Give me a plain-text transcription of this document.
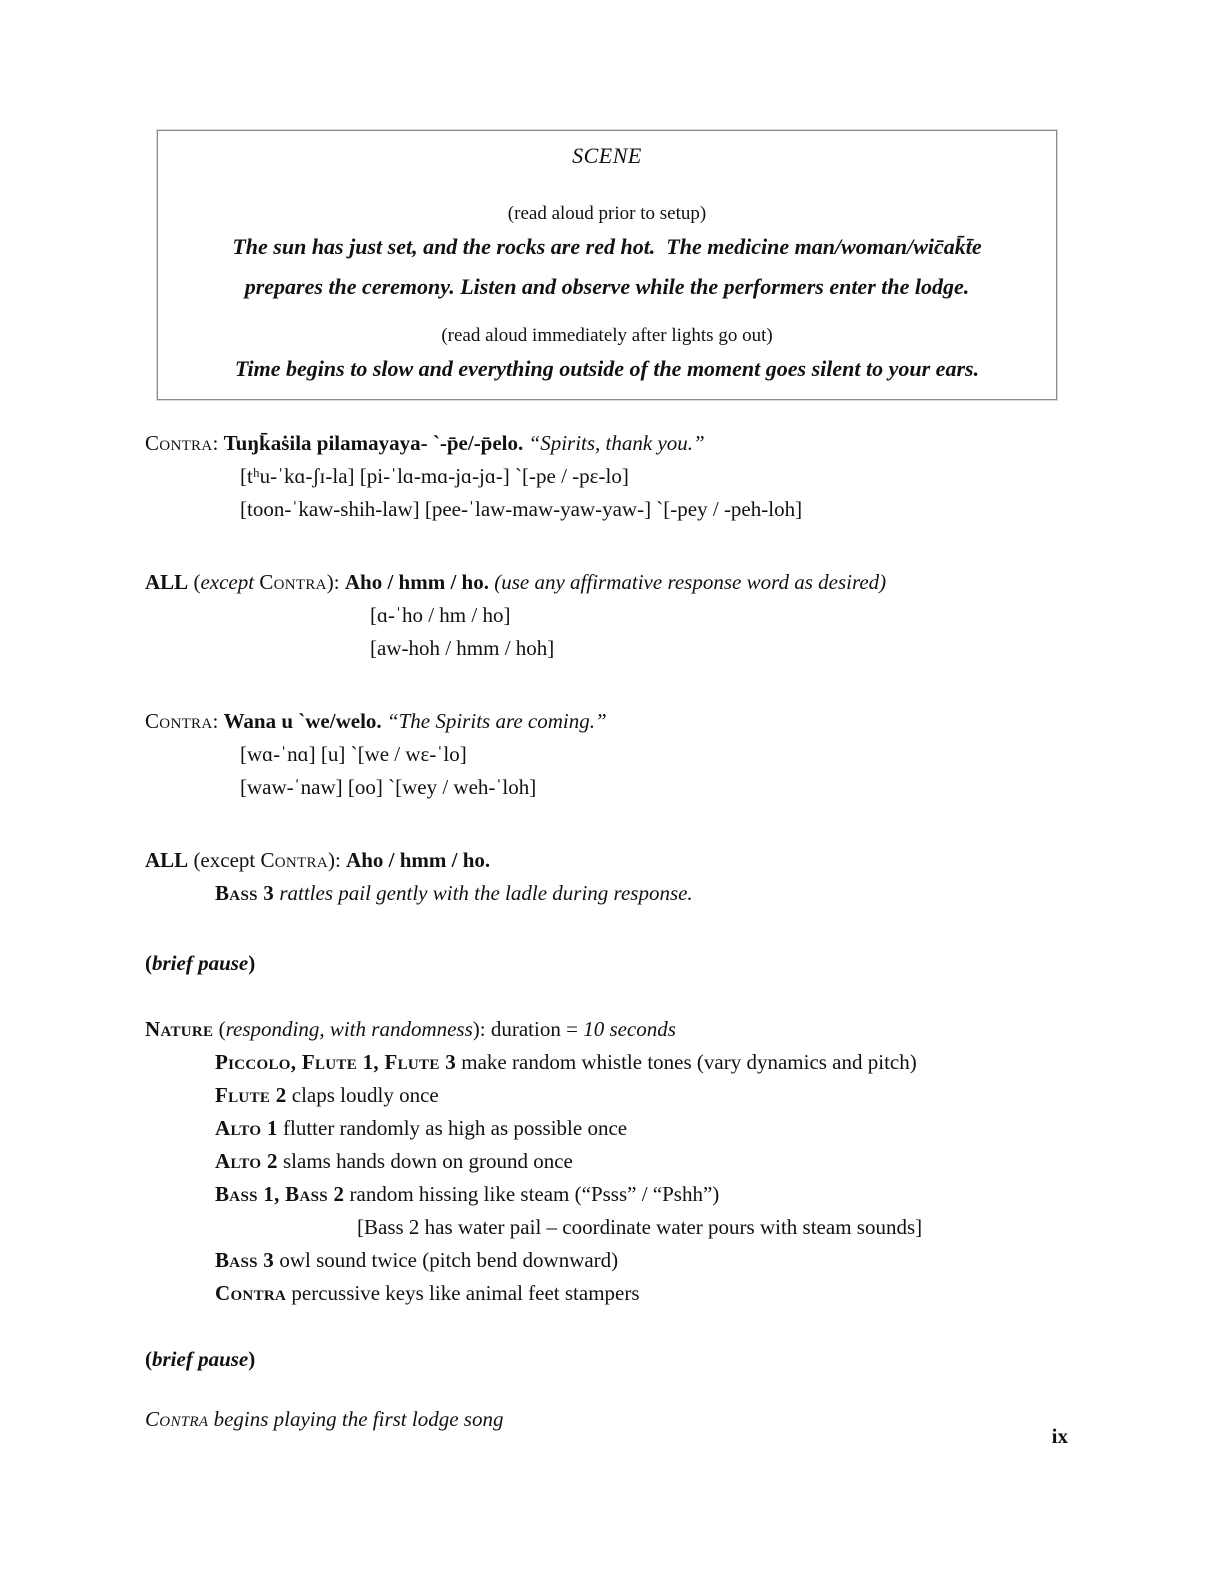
SCENE
(read aloud prior to setup)
The sun has just set, and the rocks are red hot.  The medicine man/woman/wic̄ak̄t̄e
prepares the ceremony. Listen and observe while the performers enter the lodge.
(read aloud immediately after lights go out)
Time begins to slow and everything outside of the moment goes silent to your ears.
Contra: Tuŋk̄aṡila pilamayaya- `-p̄e/-p̄elo. “Spirits, thank you.”
[tʰu-ˈkɑ-ʃɪ-la] [pi-ˈlɑ-mɑ-jɑ-jɑ-] `[-pe / -pɛ-lo]
[toon-ˈkaw-shih-law] [pee-ˈlaw-maw-yaw-yaw-] `[-pey / -peh-loh]
ALL (except Contra): Aho / hmm / ho. (use any affirmative response word as desired)
[ɑ-ˈho / hm / ho]
[aw-hoh / hmm / hoh]
Contra: Wana u `we/welo. “The Spirits are coming.”
[wɑ-ˈnɑ] [u] `[we / wɛ-ˈlo]
[waw-ˈnaw] [oo] `[wey / weh-ˈloh]
ALL (except Contra): Aho / hmm / ho.
Bass 3 rattles pail gently with the ladle during response.
(brief pause)
Nature (responding, with randomness): duration = 10 seconds
Piccolo, Flute 1, Flute 3 make random whistle tones (vary dynamics and pitch)
Flute 2 claps loudly once
Alto 1 flutter randomly as high as possible once
Alto 2 slams hands down on ground once
Bass 1, Bass 2 random hissing like steam (“Psss” / “Pshh”)
[Bass 2 has water pail – coordinate water pours with steam sounds]
Bass 3 owl sound twice (pitch bend downward)
Contra percussive keys like animal feet stampers
(brief pause)
Contra begins playing the first lodge song
ix
